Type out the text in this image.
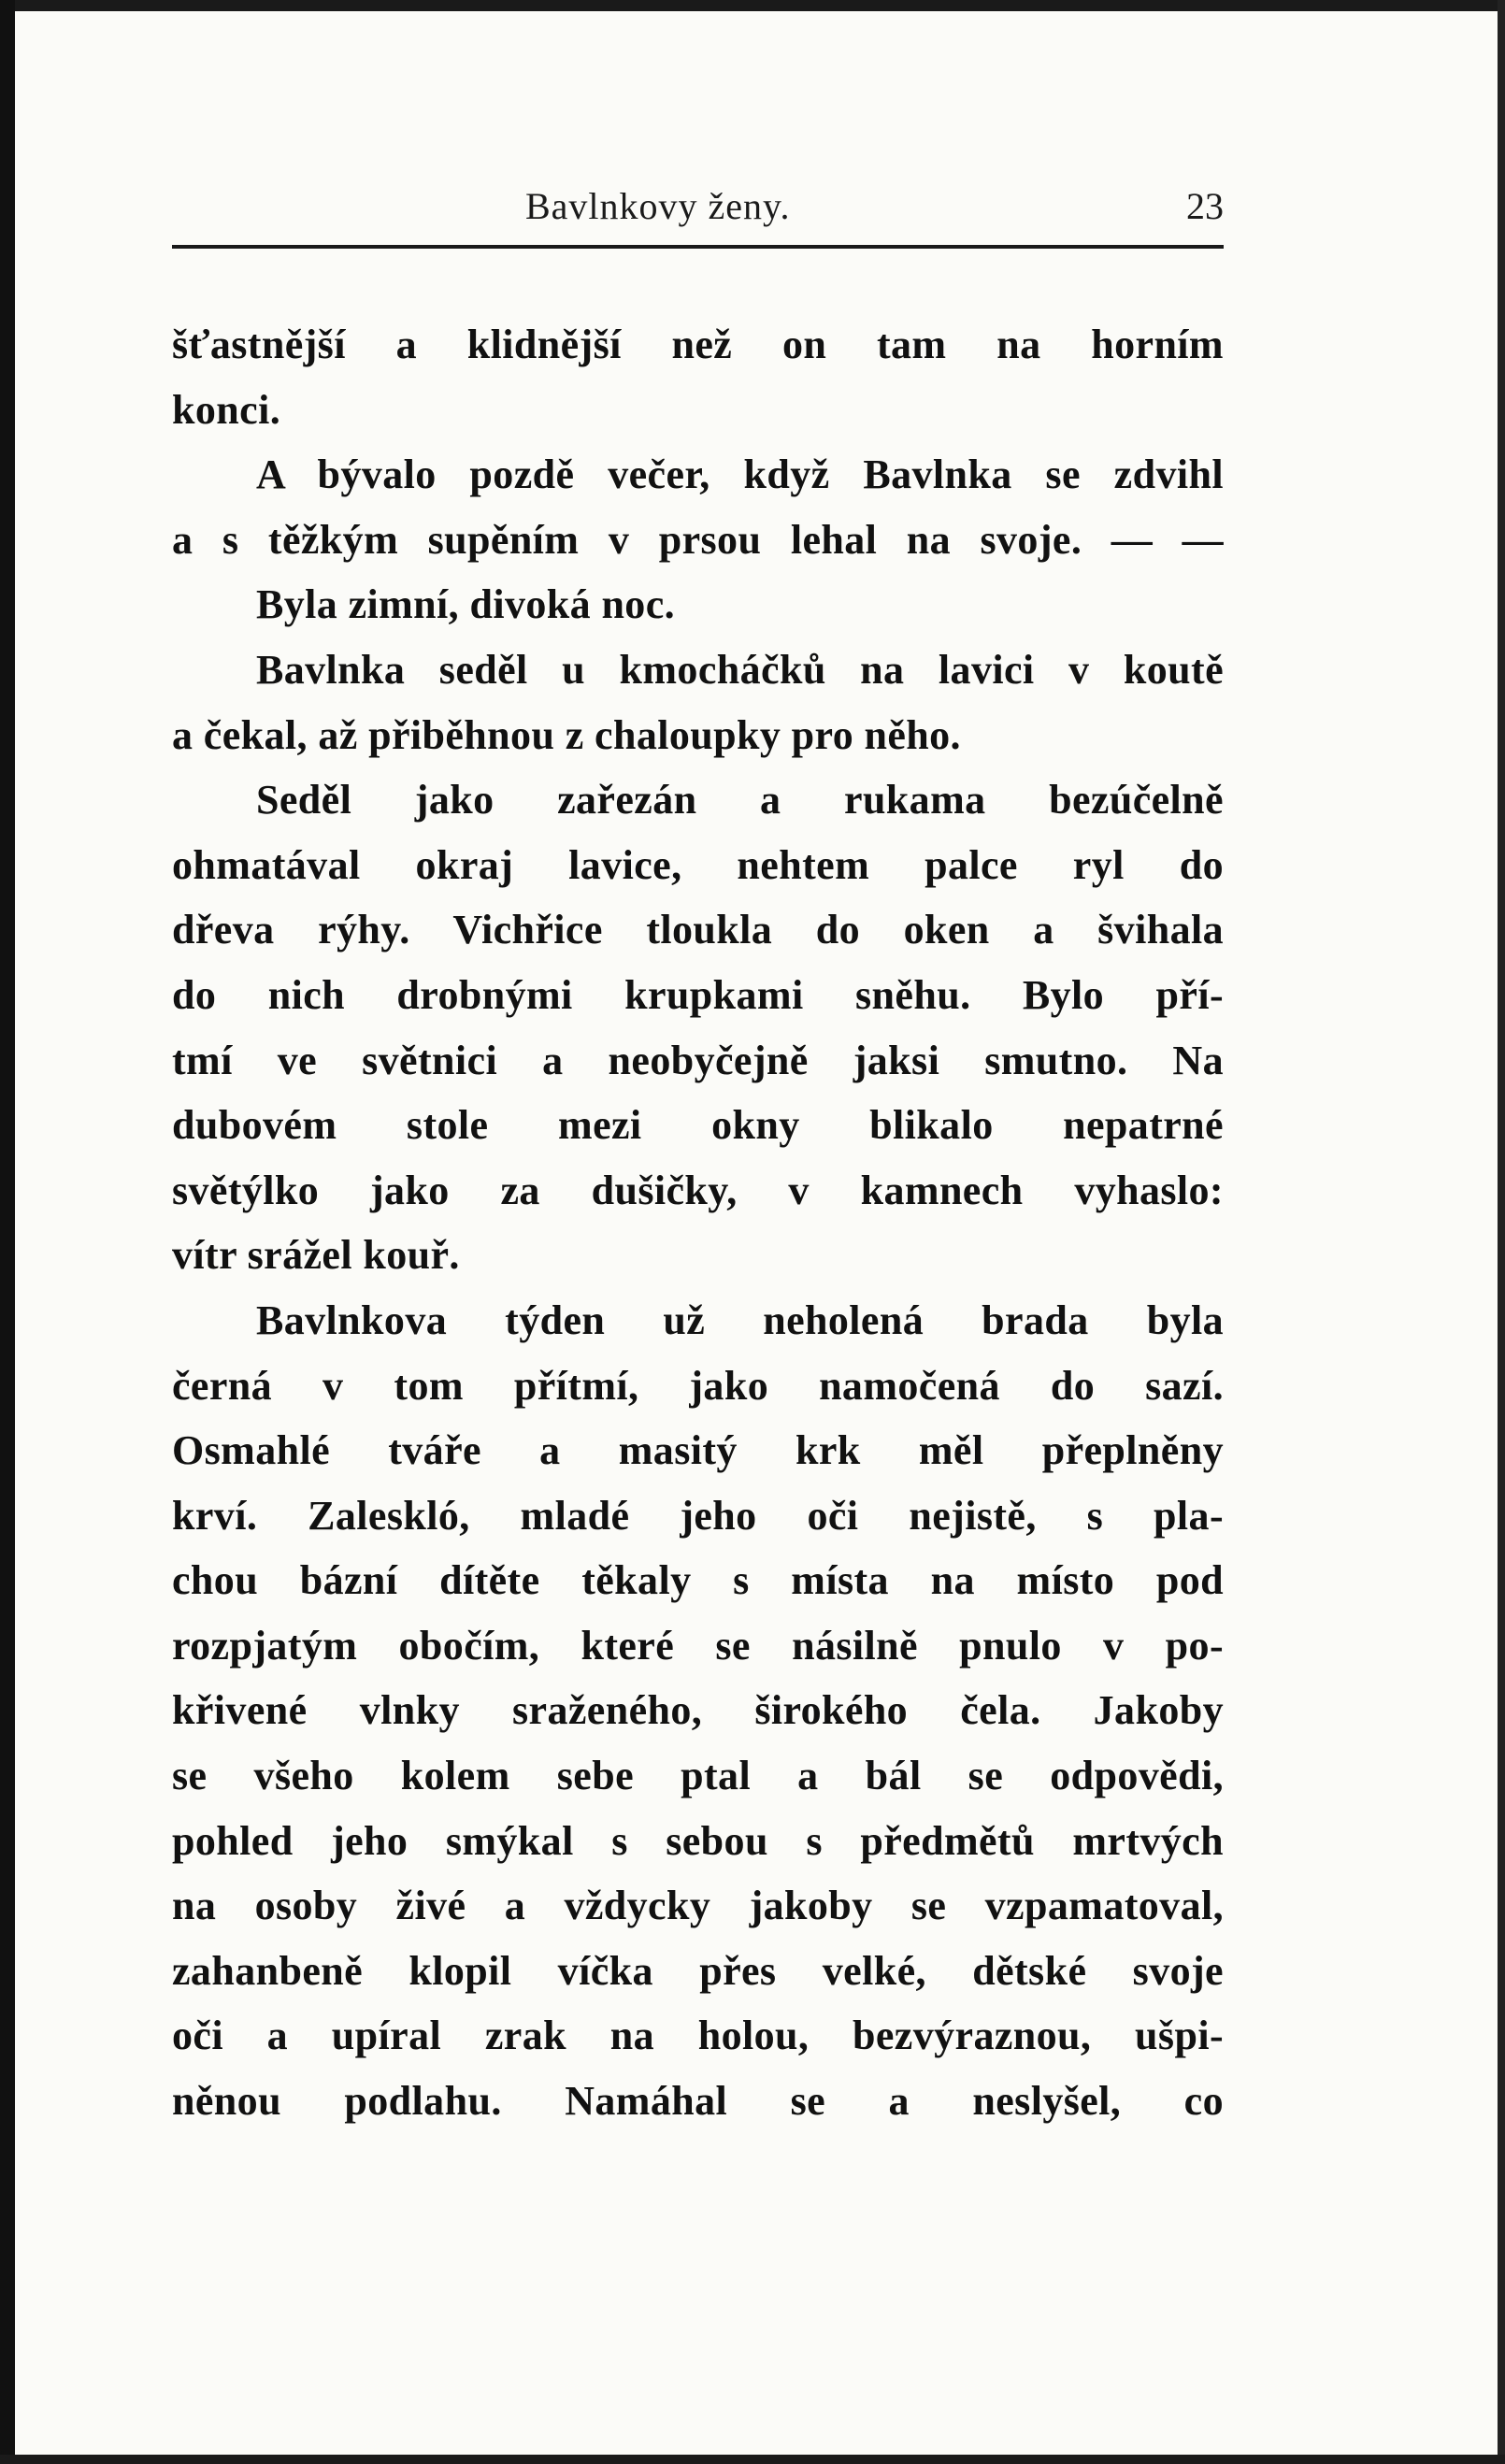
Bavlnkovy ženy.	23
šťastnější a klidnější než on tam na horním
konci.
A bývalo pozdě večer, když Bavlnka se zdvihl
a s těžkým supěním v prsou lehal na svoje. — —
Byla zimní, divoká noc.
Bavlnka seděl u kmocháčků na lavici v koutě
a čekal, až přiběhnou z chaloupky pro něho.
Seděl jako zařezán a rukama bezúčelně
ohmatával okraj lavice, nehtem palce ryl do
dřeva rýhy. Vichřice tloukla do oken a švihala
do nich drobnými krupkami sněhu. Bylo pří-
tmí ve světnici a neobyčejně jaksi smutno. Na
dubovém stole mezi okny blikalo nepatrné
světýlko jako za dušičky, v kamnech vyhaslo:
vítr srážel kouř.
Bavlnkova týden už neholená brada byla
černá v tom přítmí, jako namočená do sazí.
Osmahlé tváře a masitý krk měl přeplněny
krví. Zaleskló, mladé jeho oči nejistě, s pla-
chou bázní dítěte těkaly s místa na místo pod
rozpjatým obočím, které se násilně pnulo v po-
křivené vlnky sraženého, širokého čela. Jakoby
se všeho kolem sebe ptal a bál se odpovědi,
pohled jeho smýkal s sebou s předmětů mrtvých
na osoby živé a vždycky jakoby se vzpamatoval,
zahanbeně klopil víčka přes velké, dětské svoje
oči a upíral zrak na holou, bezvýraznou, ušpi-
něnou podlahu. Namáhal se a neslyšel, co
